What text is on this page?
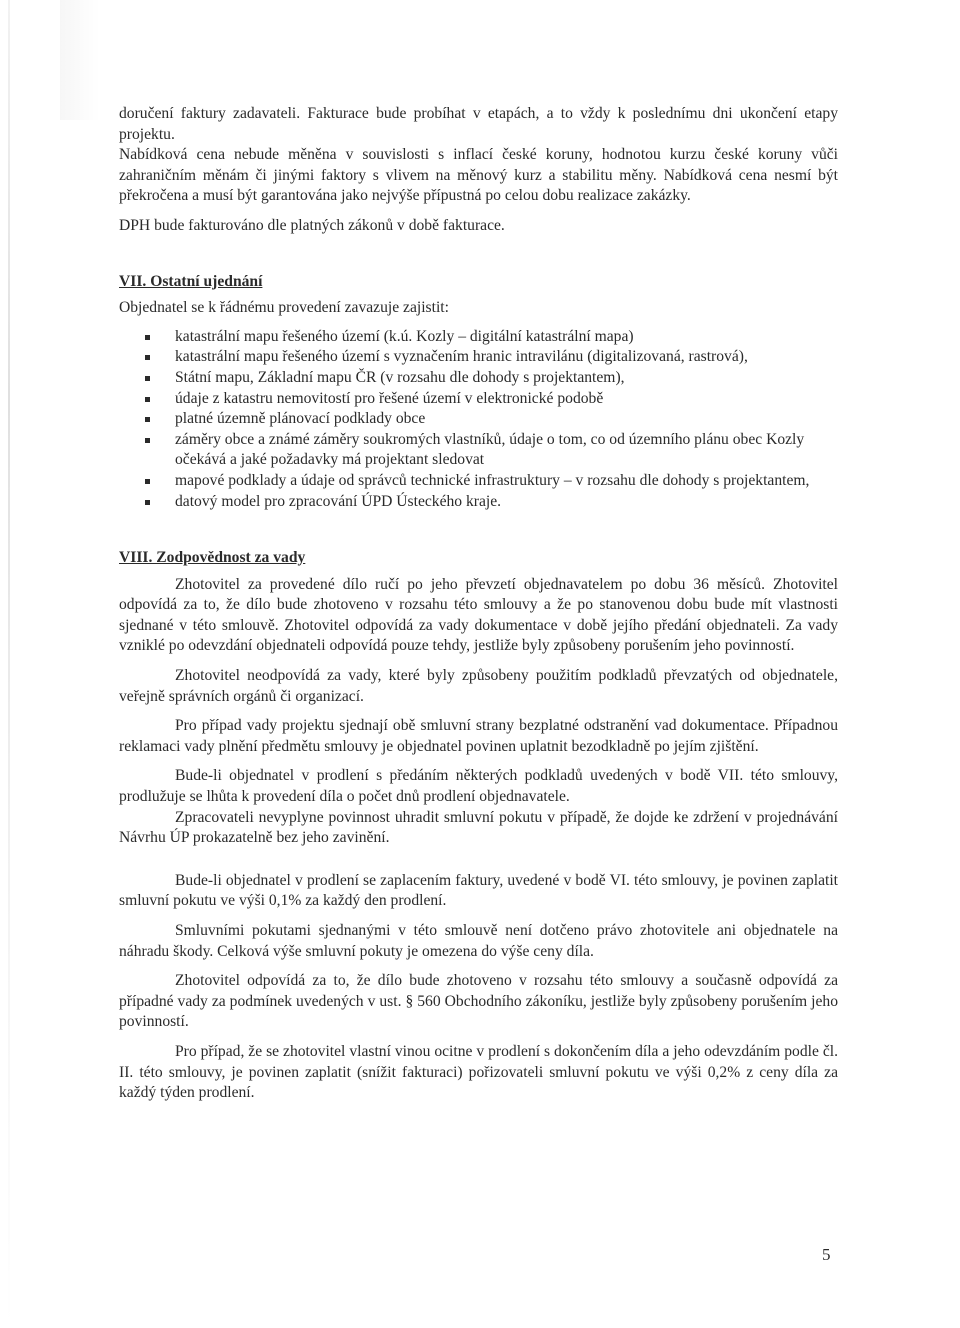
doručení faktury zadavateli. Fakturace bude probíhat v etapách, a to vždy k poslednímu dni ukončení etapy projektu.

Nabídková cena nebude měněna v souvislosti s inflací české koruny, hodnotou kurzu české koruny vůči zahraničním měnám či jinými faktory s vlivem na měnový kurz a stabilitu měny. Nabídková cena nesmí být překročena a musí být garantována jako nejvýše přípustná po celou dobu realizace zakázky.

DPH bude fakturováno dle platných zákonů v době fakturace.

VII. Ostatní ujednání

Objednatel se k řádnému provedení zavazuje zajistit:

katastrální mapu řešeného území (k.ú. Kozly – digitální katastrální mapa)
katastrální mapu řešeného území s vyznačením hranic intravilánu (digitalizovaná, rastrová),
Státní mapu, Základní mapu ČR (v rozsahu dle dohody s projektantem),
údaje z katastru nemovitostí pro řešené území v elektronické podobě
platné územně plánovací podklady obce
záměry obce a známé záměry soukromých vlastníků, údaje o tom, co od územního plánu obec Kozly očekává a jaké požadavky má projektant sledovat
mapové podklady a údaje od správců technické infrastruktury – v rozsahu dle dohody s projektantem,
datový model pro zpracování ÚPD Ústeckého kraje.

VIII. Zodpovědnost za vady

Zhotovitel za provedené dílo ručí po jeho převzetí objednavatelem po dobu 36 měsíců. Zhotovitel odpovídá za to, že dílo bude zhotoveno v rozsahu této smlouvy a že po stanovenou dobu bude mít vlastnosti sjednané v této smlouvě. Zhotovitel odpovídá za vady dokumentace v době jejího předání objednateli. Za vady vzniklé po odevzdání objednateli odpovídá pouze tehdy, jestliže byly způsobeny porušením jeho povinností.

Zhotovitel neodpovídá za vady, které byly způsobeny použitím podkladů převzatých od objednatele, veřejně správních orgánů či organizací.

Pro případ vady projektu sjednají obě smluvní strany bezplatné odstranění vad dokumentace. Případnou reklamaci vady plnění předmětu smlouvy je objednatel povinen uplatnit bezodkladně po jejím zjištění.

Bude-li objednatel v prodlení s předáním některých podkladů uvedených v bodě VII. této smlouvy, prodlužuje se lhůta k provedení díla o počet dnů prodlení objednavatele.

Zpracovateli nevyplyne povinnost uhradit smluvní pokutu v případě, že dojde ke zdržení v projednávání Návrhu ÚP prokazatelně bez jeho zavinění.

Bude-li objednatel v prodlení se zaplacením faktury, uvedené v bodě VI. této smlouvy, je povinen zaplatit smluvní pokutu ve výši 0,1% za každý den prodlení.

Smluvními pokutami sjednanými v této smlouvě není dotčeno právo zhotovitele ani objednatele na náhradu škody. Celková výše smluvní pokuty je omezena do výše ceny díla.

Zhotovitel odpovídá za to, že dílo bude zhotoveno v rozsahu této smlouvy a současně odpovídá za případné vady za podmínek uvedených v ust. § 560 Obchodního zákoníku, jestliže byly způsobeny porušením jeho povinností.

Pro případ, že se zhotovitel vlastní vinou ocitne v prodlení s dokončením díla a jeho odevzdáním podle čl. II. této smlouvy, je povinen zaplatit (snížit fakturaci) pořizovateli smluvní pokutu ve výši 0,2% z ceny díla za každý týden prodlení.

5
